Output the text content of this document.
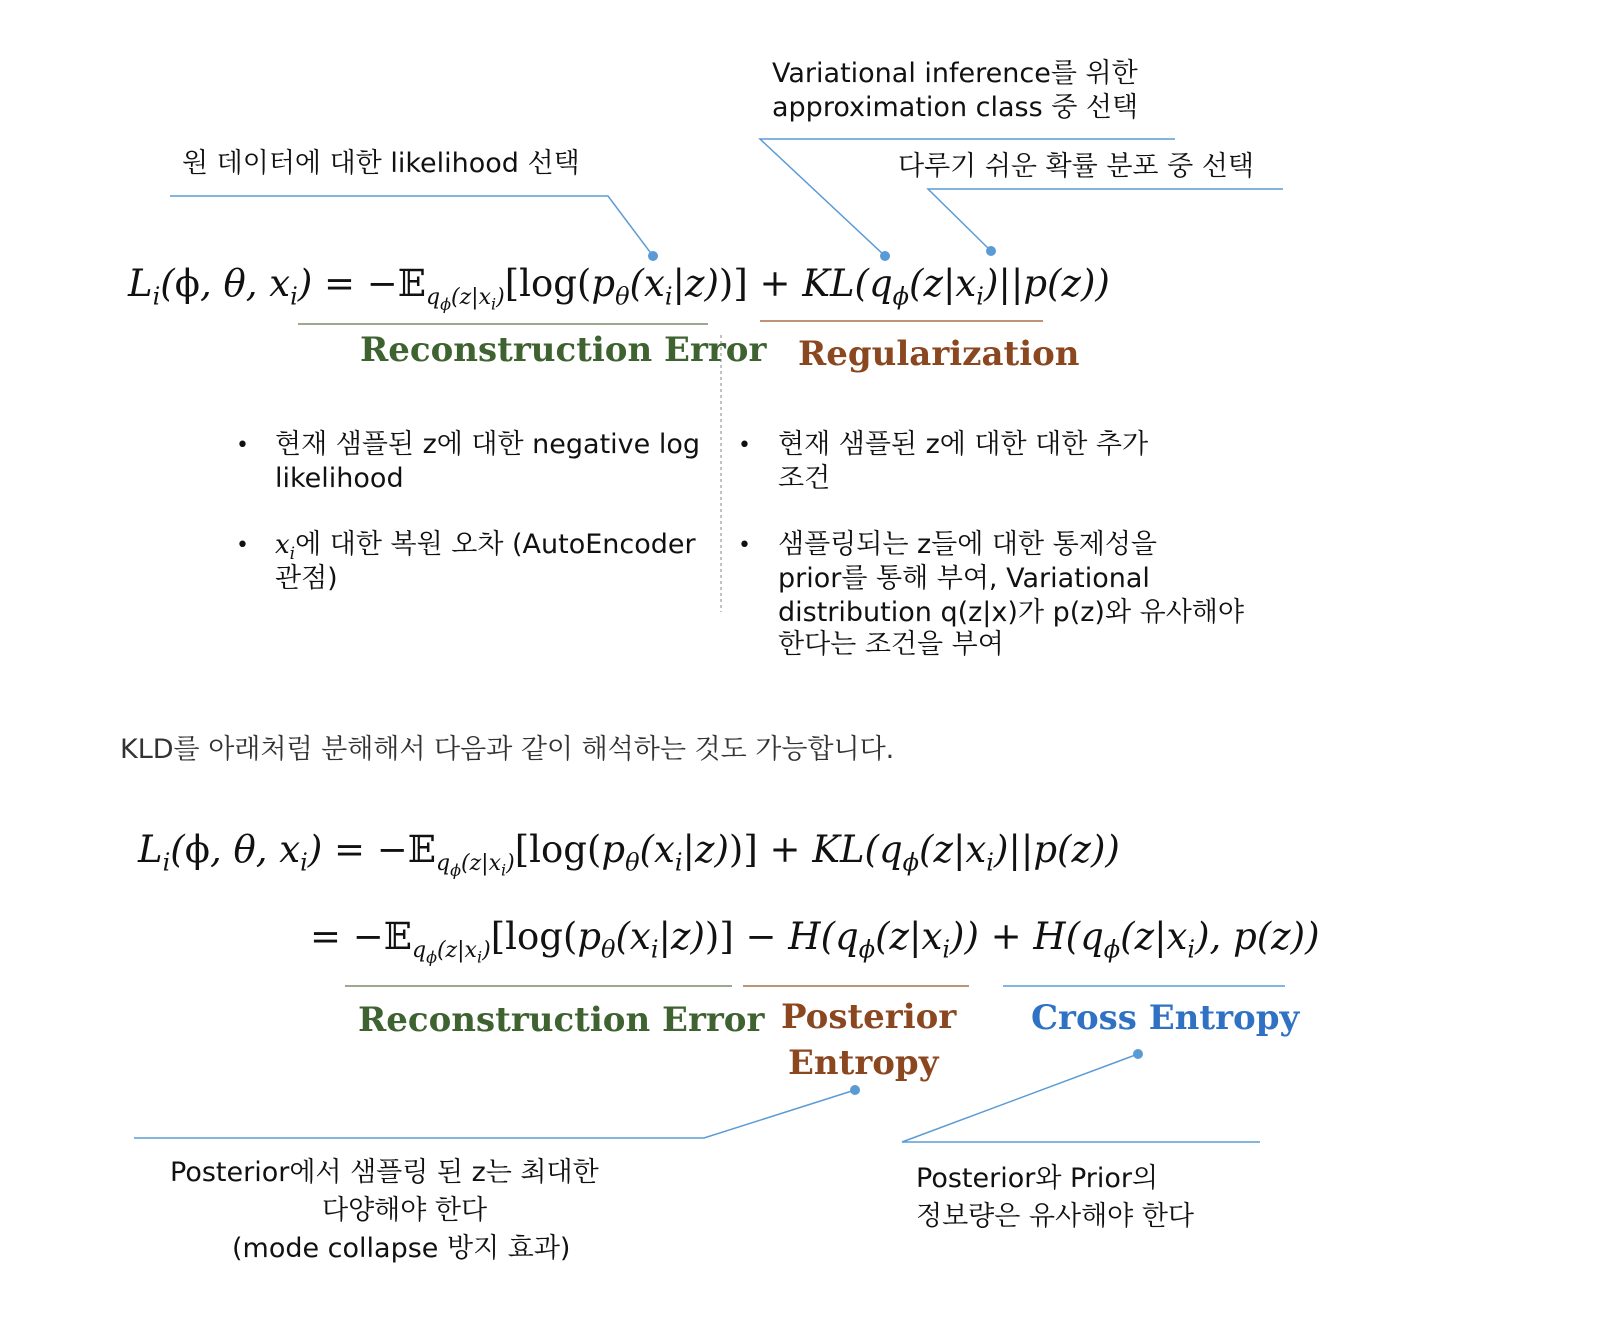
원 데이터에 대한 likelihood 선택
Variational inference를 위한
approximation class 중 선택
다루기 쉬운 확률 분포 중 선택
$L_i(\phi$, θ, $x_i$) = $-𝔼_{q_\phi(z|x_i)}[\log(p_\theta(x_i|z))] + KL(q_\phi(z|x_i)||p(z))$
Reconstruction Error Regularization
• 현재 샘플된 z에 대한 negative log
likelihood
• $x_i$에 대한 복원 오차 (AutoEncoder
관점)
• 현재 샘플된 z에 대한 대한 추가
조건
• 샘플링되는 z들에 대한 통제성을
prior를 통해 부여, Variational
distribution q(z|x)가 p(z)와 유사해야
한다는 조건을 부여
KLD를 아래처럼 분해해서 다음과 같이 해석하는 것도 가능합니다.
$L_i(\phi$, θ, $x_i$) = $-𝔼_{q_\phi(z|x_i)}[\log(p_\theta(x_i|z))] + KL(q_\phi(z|x_i)||p(z))$
= $-𝔼_{q_\phi(z|x_i)}[\log(p_\theta(x_i|z))] - H(q_\phi(z|x_i)) + H(q_\phi(z|x_i)$, p(z))
Reconstruction Error Posterior
Entropy
Cross Entropy
Posterior에서 샘플링 된 z는 최대한
다양해야 한다
(mode collapse 방지 효과)
Posterior와 Prior의
정보량은 유사해야 한다
